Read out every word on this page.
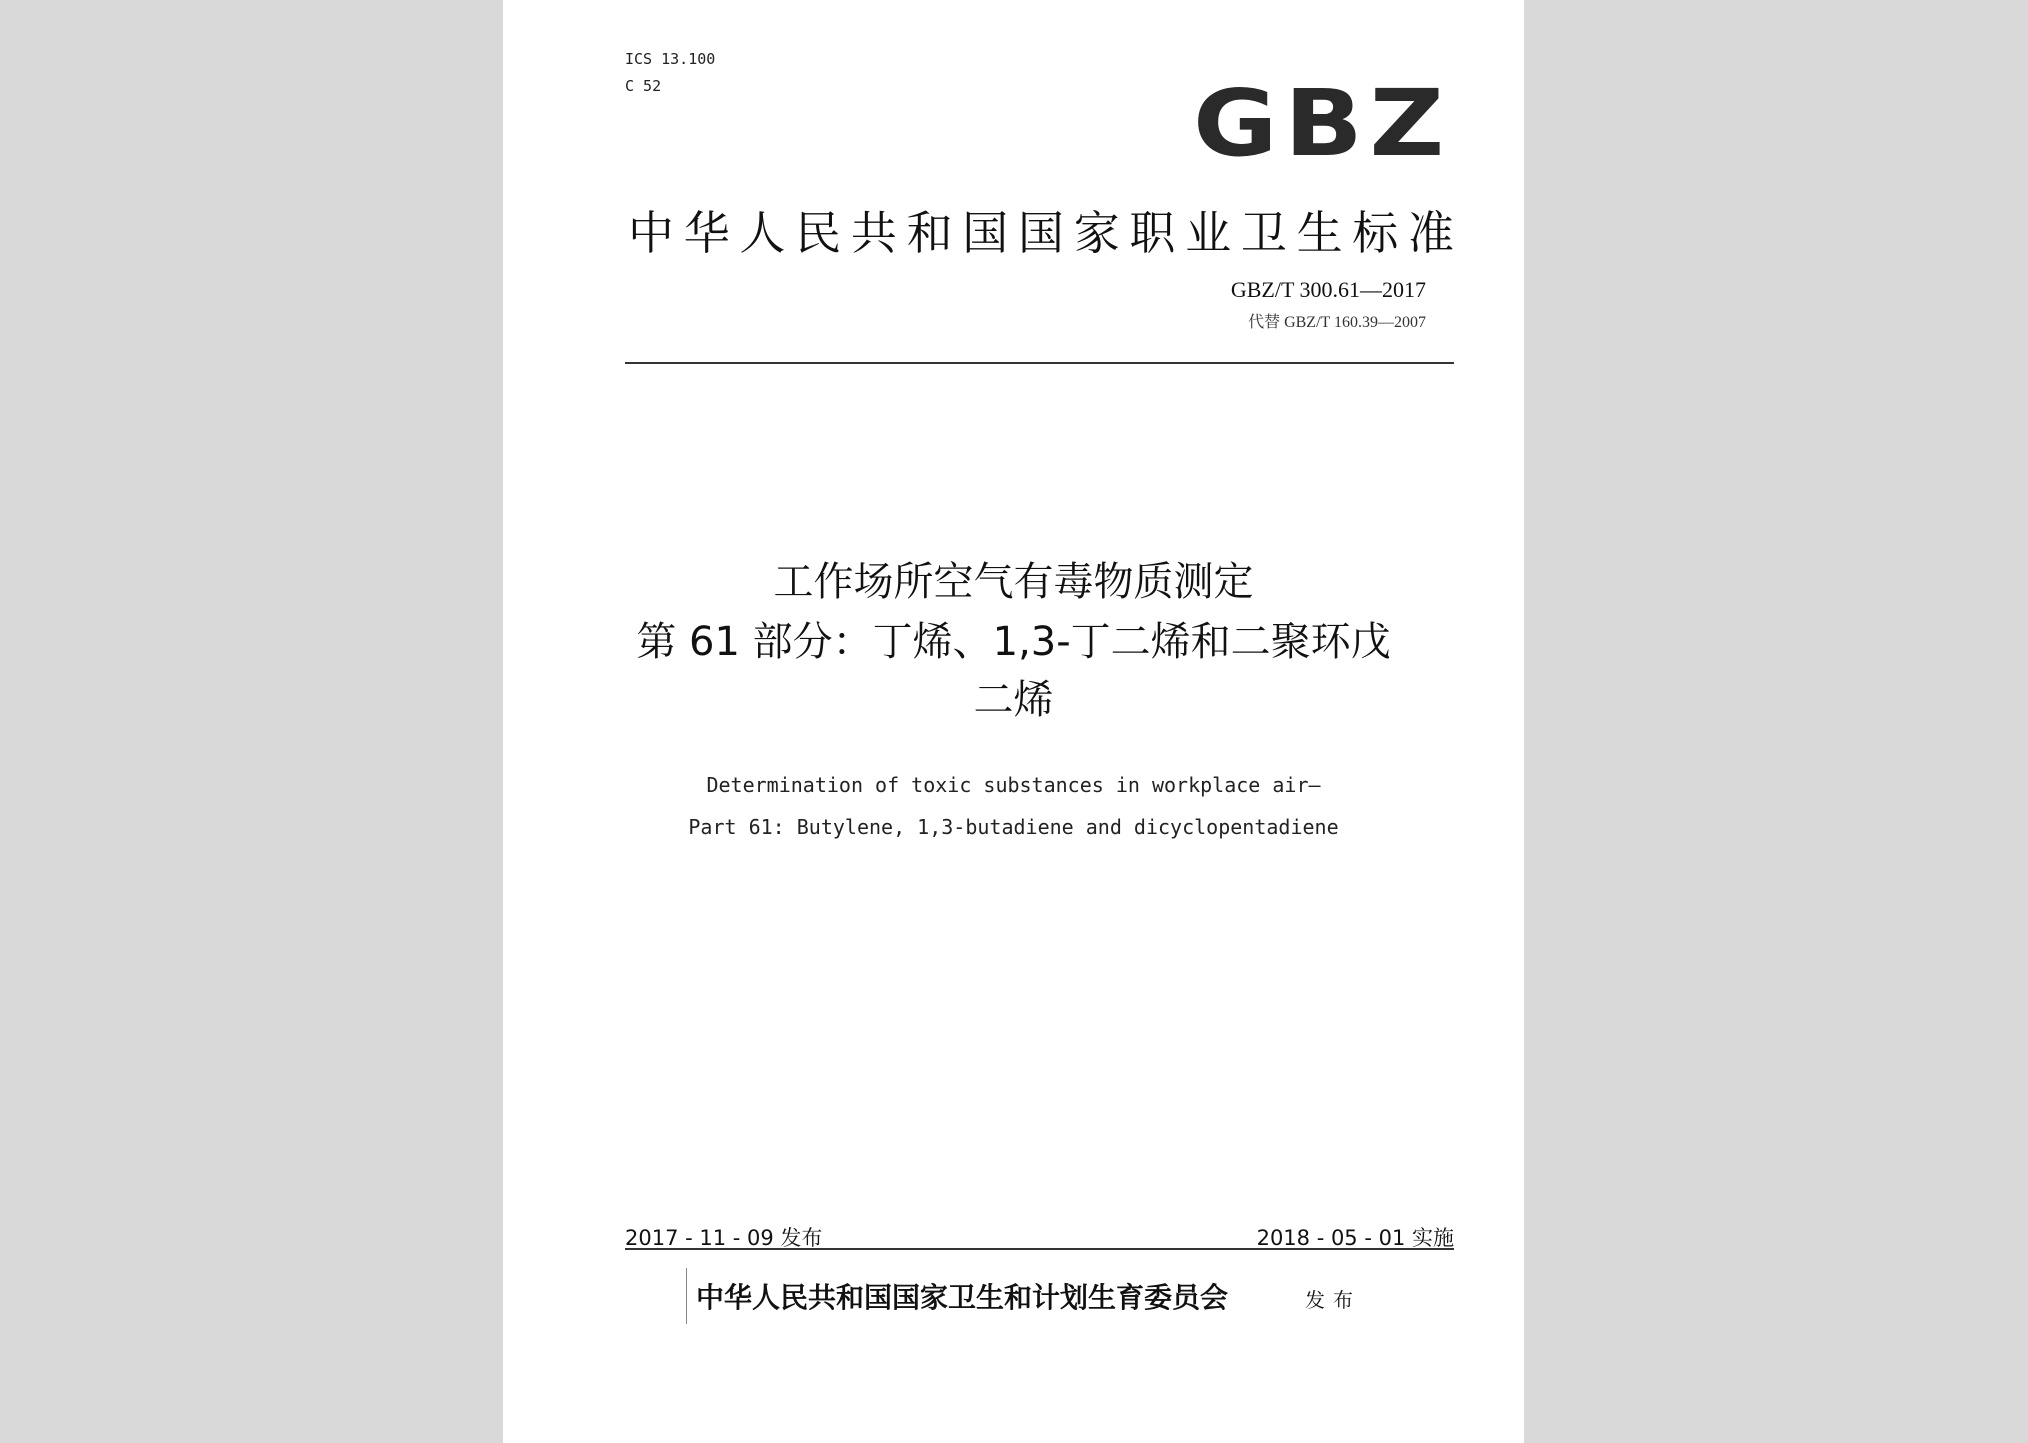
ICS 13.100
C 52	GBZ
中华人民共和国国家职业卫生标准
GBZ/T 300.61—2017
代替 GBZ/T 160.39—2007
工作场所空气有毒物质测定
第 61 部分：丁烯、1,3-丁二烯和二聚环戊
二烯
Determination of toxic substances in workplace air—
Part 61: Butylene, 1,3-butadiene and dicyclopentadiene
2017 - 11 - 09 发布	2018 - 05 - 01 实施
中华人民共和国国家卫生和计划生育委员会	发布
